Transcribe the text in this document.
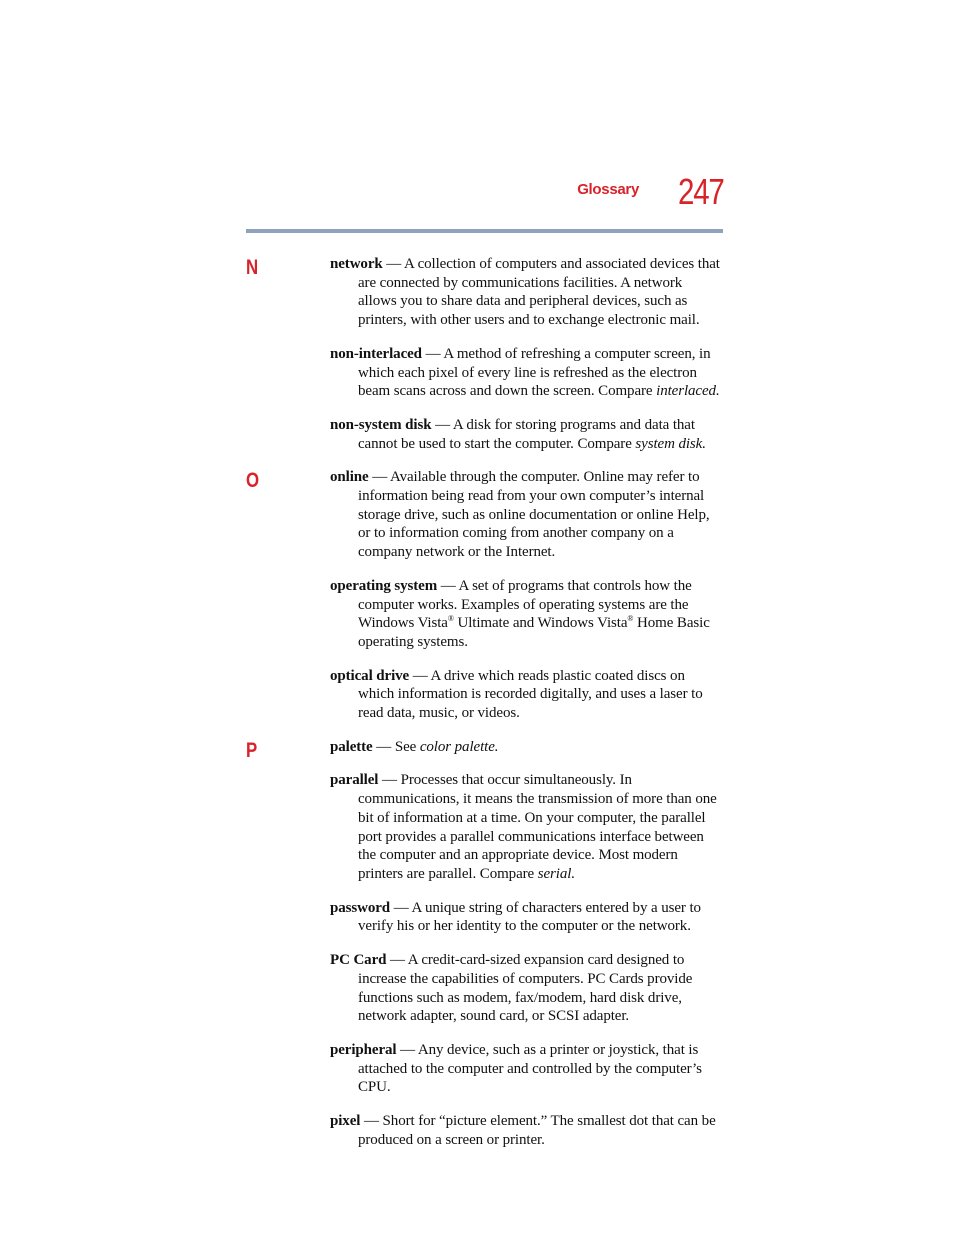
Glossary 247
N	network — A collection of computers and associated devices that are connected by communications facilities. A network allows you to share data and peripheral devices, such as printers, with other users and to exchange electronic mail.

non-interlaced — A method of refreshing a computer screen, in which each pixel of every line is refreshed as the electron beam scans across and down the screen. Compare interlaced.

non-system disk — A disk for storing programs and data that cannot be used to start the computer. Compare system disk.

O	online — Available through the computer. Online may refer to information being read from your own computer’s internal storage drive, such as online documentation or online Help, or to information coming from another company on a company network or the Internet.

operating system — A set of programs that controls how the computer works. Examples of operating systems are the Windows Vista® Ultimate and Windows Vista® Home Basic operating systems.

optical drive — A drive which reads plastic coated discs on which information is recorded digitally, and uses a laser to read data, music, or videos.

P	palette — See color palette.

parallel — Processes that occur simultaneously. In communications, it means the transmission of more than one bit of information at a time. On your computer, the parallel port provides a parallel communications interface between the computer and an appropriate device. Most modern printers are parallel. Compare serial.

password — A unique string of characters entered by a user to verify his or her identity to the computer or the network.

PC Card — A credit-card-sized expansion card designed to increase the capabilities of computers. PC Cards provide functions such as modem, fax/modem, hard disk drive, network adapter, sound card, or SCSI adapter.

peripheral — Any device, such as a printer or joystick, that is attached to the computer and controlled by the computer’s CPU.

pixel — Short for “picture element.” The smallest dot that can be produced on a screen or printer.
